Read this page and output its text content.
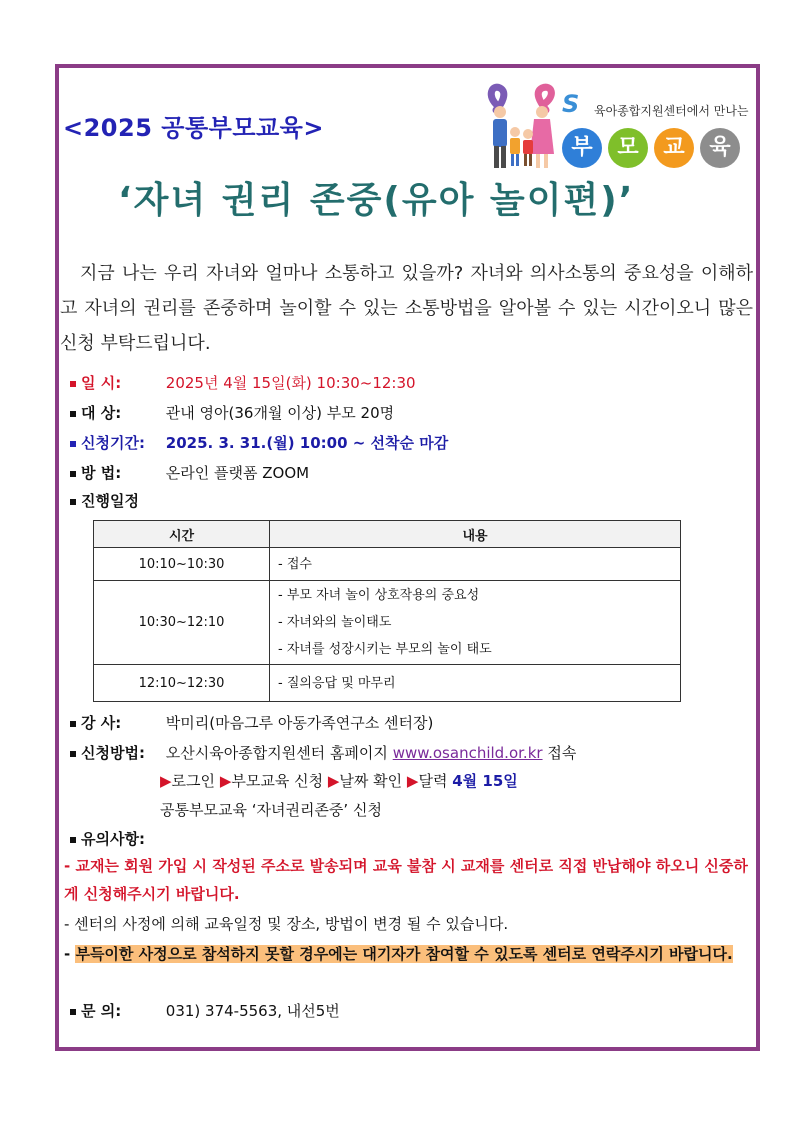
<2025 공통부모교육>
S 육아종합지원센터에서 만나는
부	모	교	육
‘자녀 권리 존중(유아 놀이편)’
지금 나는 우리 자녀와 얼마나 소통하고 있을까? 자녀와 의사소통의 중요성을 이해하고 자녀의 권리를 존중하며 놀이할 수 있는 소통방법을 알아볼 수 있는 시간이오니 많은 신청 부탁드립니다.
일 시:	2025년 4월 15일(화) 10:30~12:30
대 상:	관내 영아(36개월 이상) 부모 20명
신청기간: 2025. 3. 31.(월) 10:00 ~ 선착순 마감
방 법:	온라인 플랫폼 ZOOM
진행일정
시간	내용
10:10~10:30	- 접수

10:30~12:10	- 부모 자녀 놀이 상호작용의 중요성
- 자녀와의 놀이태도
- 자녀를 성장시키는 부모의 놀이 태도

12:10~12:30	- 질의응답 및 마무리
강 사:	박미리(마음그루 아동가족연구소 센터장)
신청방법: 오산시육아종합지원센터 홈페이지 www.osanchild.or.kr 접속
▶로그인 ▶부모교육 신청 ▶날짜 확인 ▶달력 4월 15일
공통부모교육 ‘자녀권리존중’ 신청
유의사항:
- 교재는 회원 가입 시 작성된 주소로 발송되며 교육 불참 시 교재를 센터로 직접 반납해야 하오니 신중하게 신청해주시기 바랍니다.
- 센터의 사정에 의해 교육일정 및 장소, 방법이 변경 될 수 있습니다.
- 부득이한 사정으로 참석하지 못할 경우에는 대기자가 참여할 수 있도록 센터로 연락주시기 바랍니다.
문 의:	031) 374-5563, 내선5번
